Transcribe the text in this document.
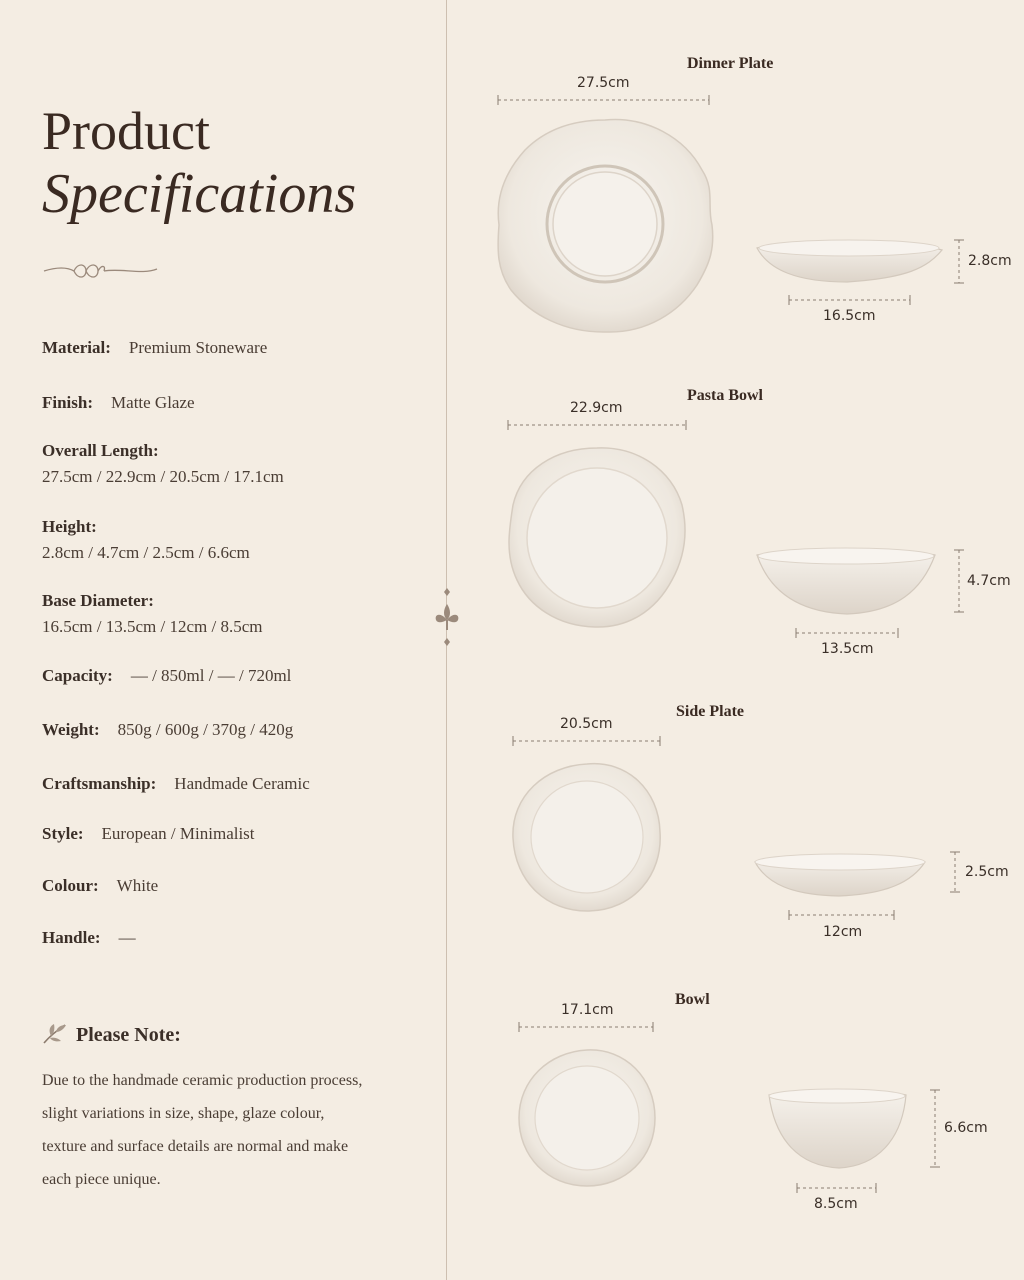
Product
Specifications
Material: Premium Stoneware
Finish: Matte Glaze
Overall Length:
27.5cm / 22.9cm / 20.5cm / 17.1cm
Height:
2.8cm / 4.7cm / 2.5cm / 6.6cm
Base Diameter:
16.5cm / 13.5cm / 12cm / 8.5cm
Capacity: — / 850ml / — / 720ml
Weight: 850g / 600g / 370g / 420g
Craftsmanship: Handmade Ceramic
Style: European / Minimalist
Colour: White
Handle: —
Please Note:
Due to the handmade ceramic production process, slight variations in size, shape, glaze colour, texture and surface details are normal and make each piece unique.
Dinner Plate
27.5cm
2.8cm
16.5cm
Pasta Bowl
22.9cm
4.7cm
13.5cm
Side Plate
20.5cm
2.5cm
12cm
Bowl
17.1cm
6.6cm
8.5cm
